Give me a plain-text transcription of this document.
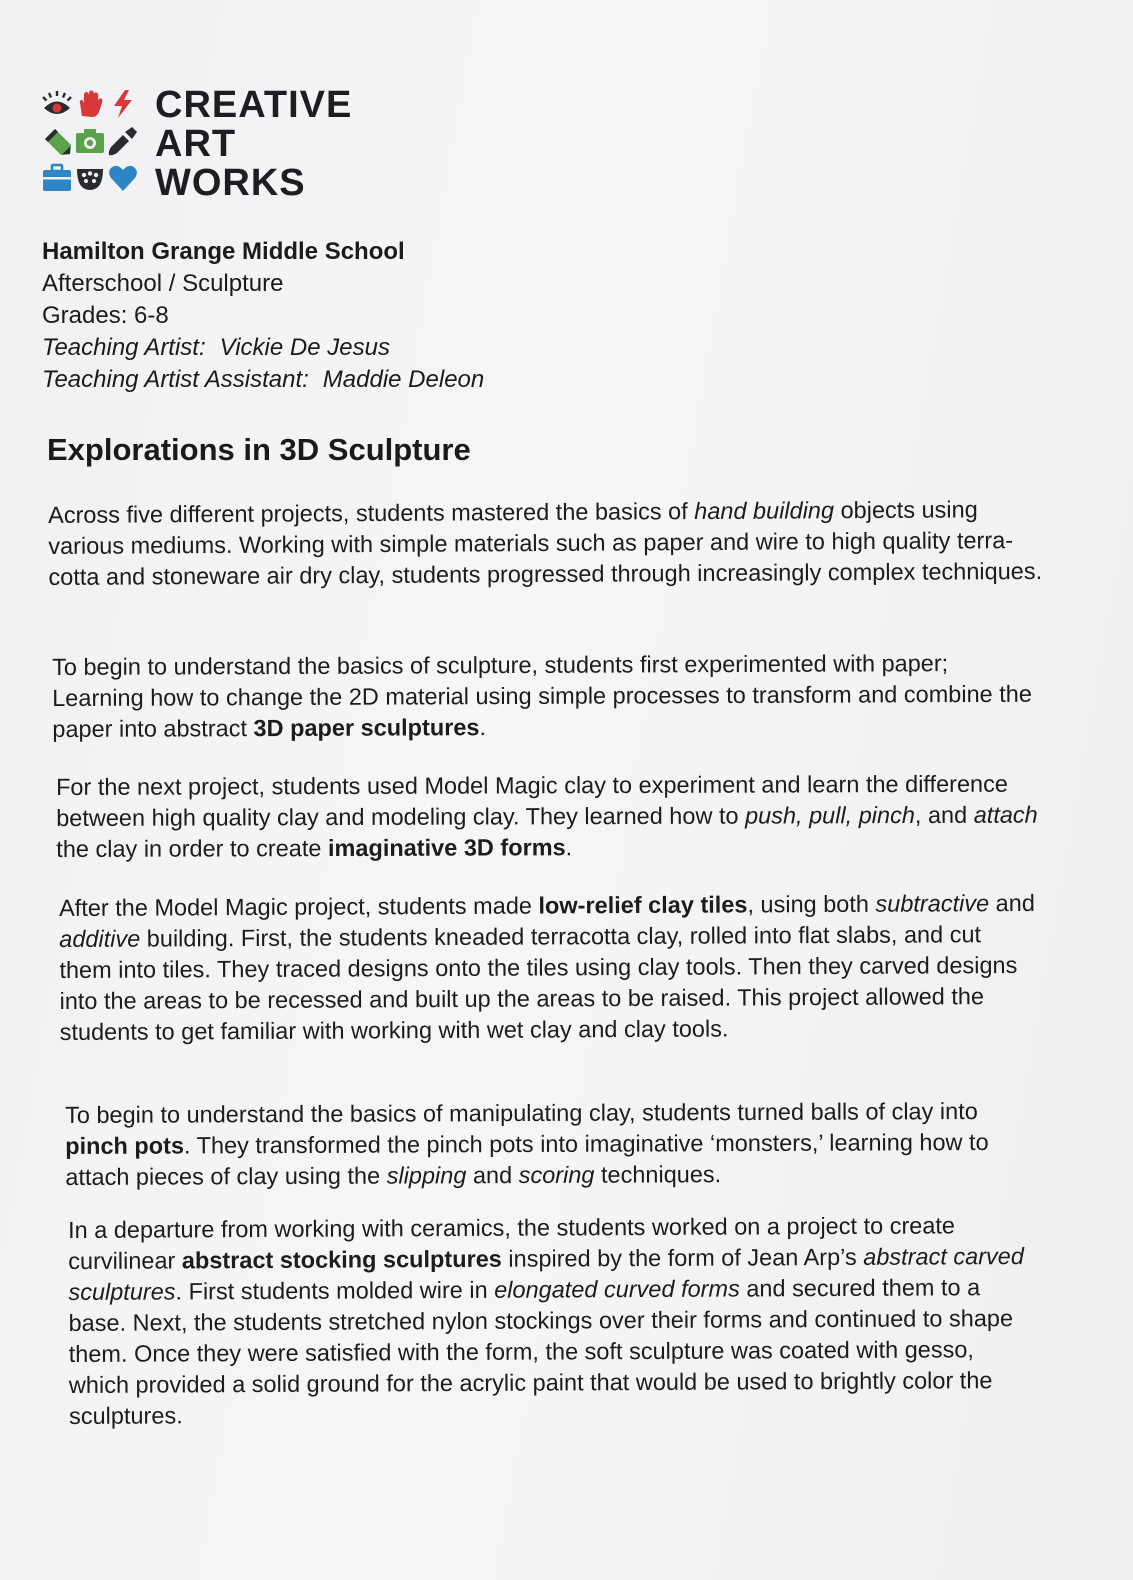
CREATIVE
ART
WORKS
Hamilton Grange Middle School
Afterschool / Sculpture
Grades: 6-8
Teaching Artist: Vickie De Jesus
Teaching Artist Assistant: Maddie Deleon
Explorations in 3D Sculpture

Across five different projects, students mastered the basics of hand building objects using various mediums. Working with simple materials such as paper and wire to high quality terra-cotta and stoneware air dry clay, students progressed through increasingly complex techniques.

To begin to understand the basics of sculpture, students first experimented with paper; Learning how to change the 2D material using simple processes to transform and combine the paper into abstract 3D paper sculptures.

For the next project, students used Model Magic clay to experiment and learn the difference between high quality clay and modeling clay. They learned how to push, pull, pinch, and attach the clay in order to create imaginative 3D forms.

After the Model Magic project, students made low-relief clay tiles, using both subtractive and additive building. First, the students kneaded terracotta clay, rolled into flat slabs, and cut them into tiles. They traced designs onto the tiles using clay tools. Then they carved designs into the areas to be recessed and built up the areas to be raised. This project allowed the students to get familiar with working with wet clay and clay tools.

To begin to understand the basics of manipulating clay, students turned balls of clay into pinch pots. They transformed the pinch pots into imaginative ‘monsters,’ learning how to attach pieces of clay using the slipping and scoring techniques.

In a departure from working with ceramics, the students worked on a project to create curvilinear abstract stocking sculptures inspired by the form of Jean Arp’s abstract carved sculptures. First students molded wire in elongated curved forms and secured them to a base. Next, the students stretched nylon stockings over their forms and continued to shape them. Once they were satisfied with the form, the soft sculpture was coated with gesso, which provided a solid ground for the acrylic paint that would be used to brightly color the sculptures.
